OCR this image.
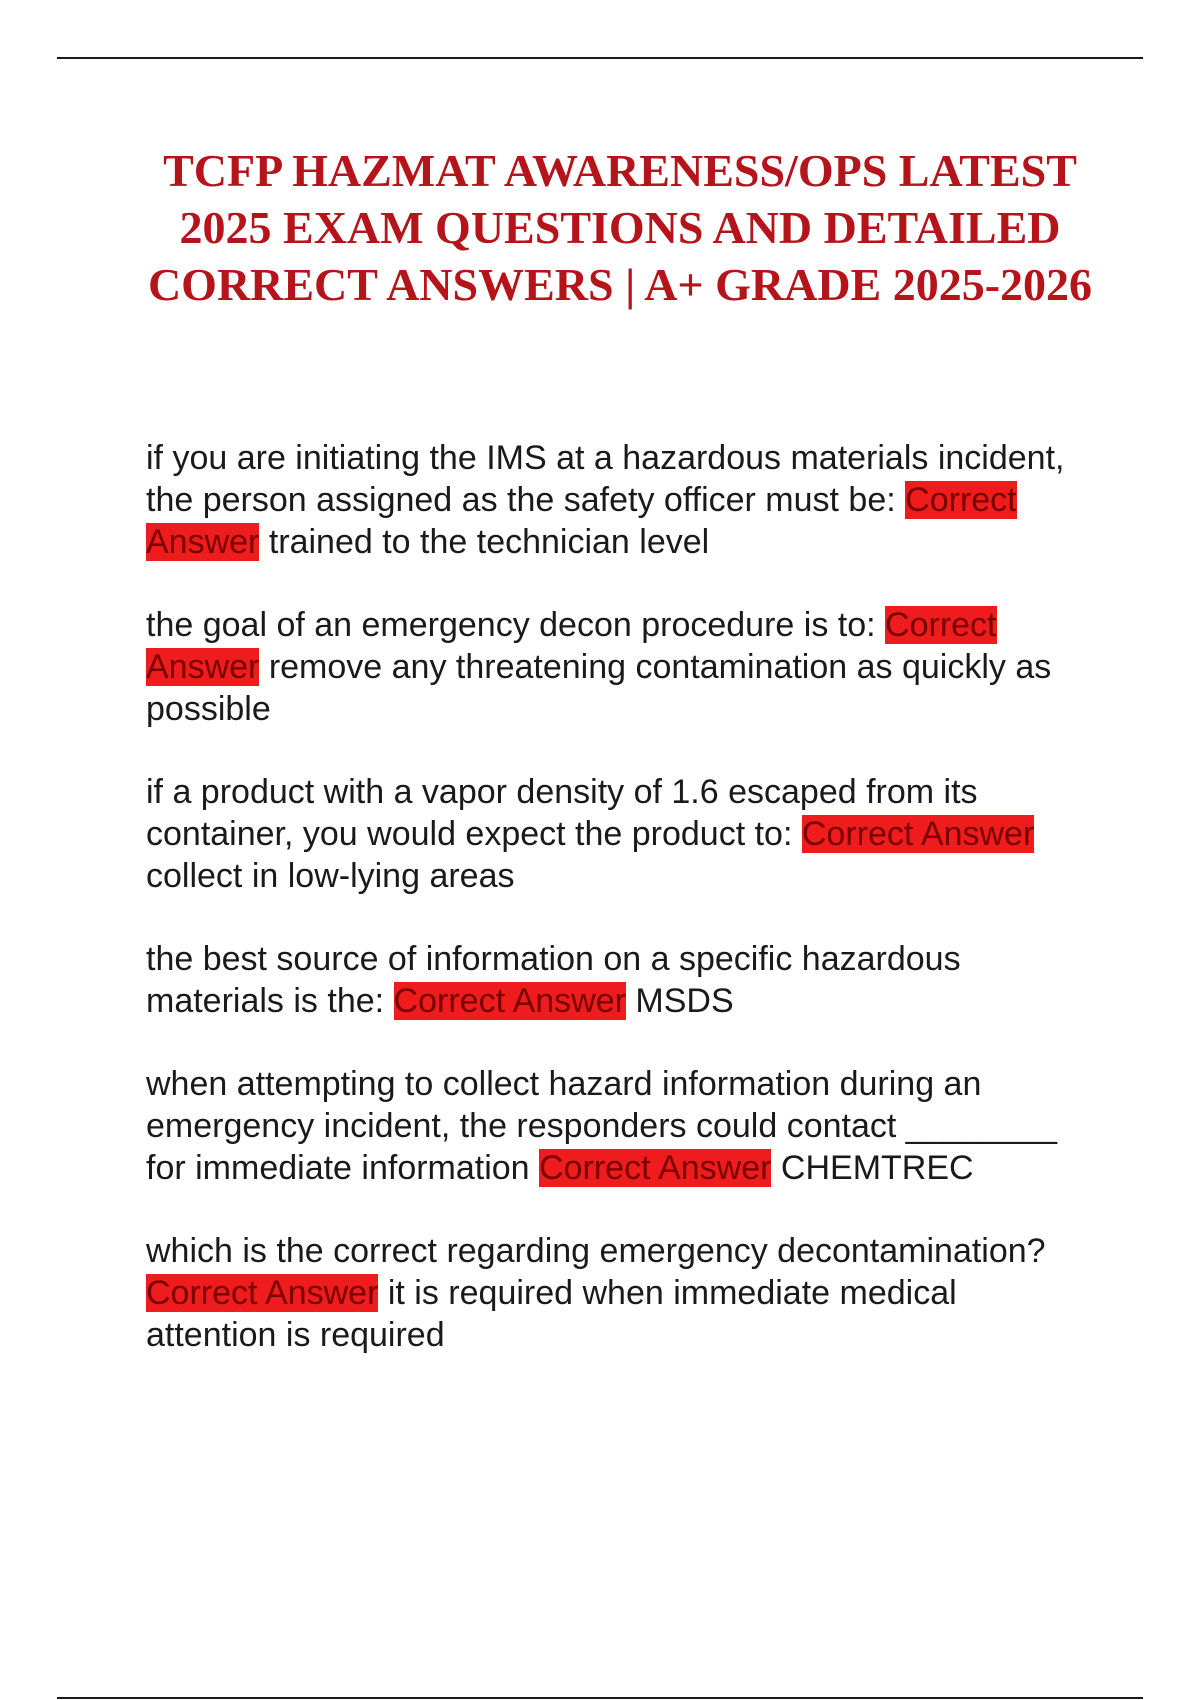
TCFP HAZMAT AWARENESS/OPS LATEST 2025 EXAM QUESTIONS AND DETAILED CORRECT ANSWERS | A+ GRADE 2025-2026

if you are initiating the IMS at a hazardous materials incident, the person assigned as the safety officer must be: Correct Answer trained to the technician level

the goal of an emergency decon procedure is to: Correct Answer remove any threatening contamination as quickly as possible

if a product with a vapor density of 1.6 escaped from its container, you would expect the product to: Correct Answer collect in low-lying areas

the best source of information on a specific hazardous materials is the: Correct Answer MSDS

when attempting to collect hazard information during an emergency incident, the responders could contact ________ for immediate information Correct Answer CHEMTREC

which is the correct regarding emergency decontamination? Correct Answer it is required when immediate medical attention is required
